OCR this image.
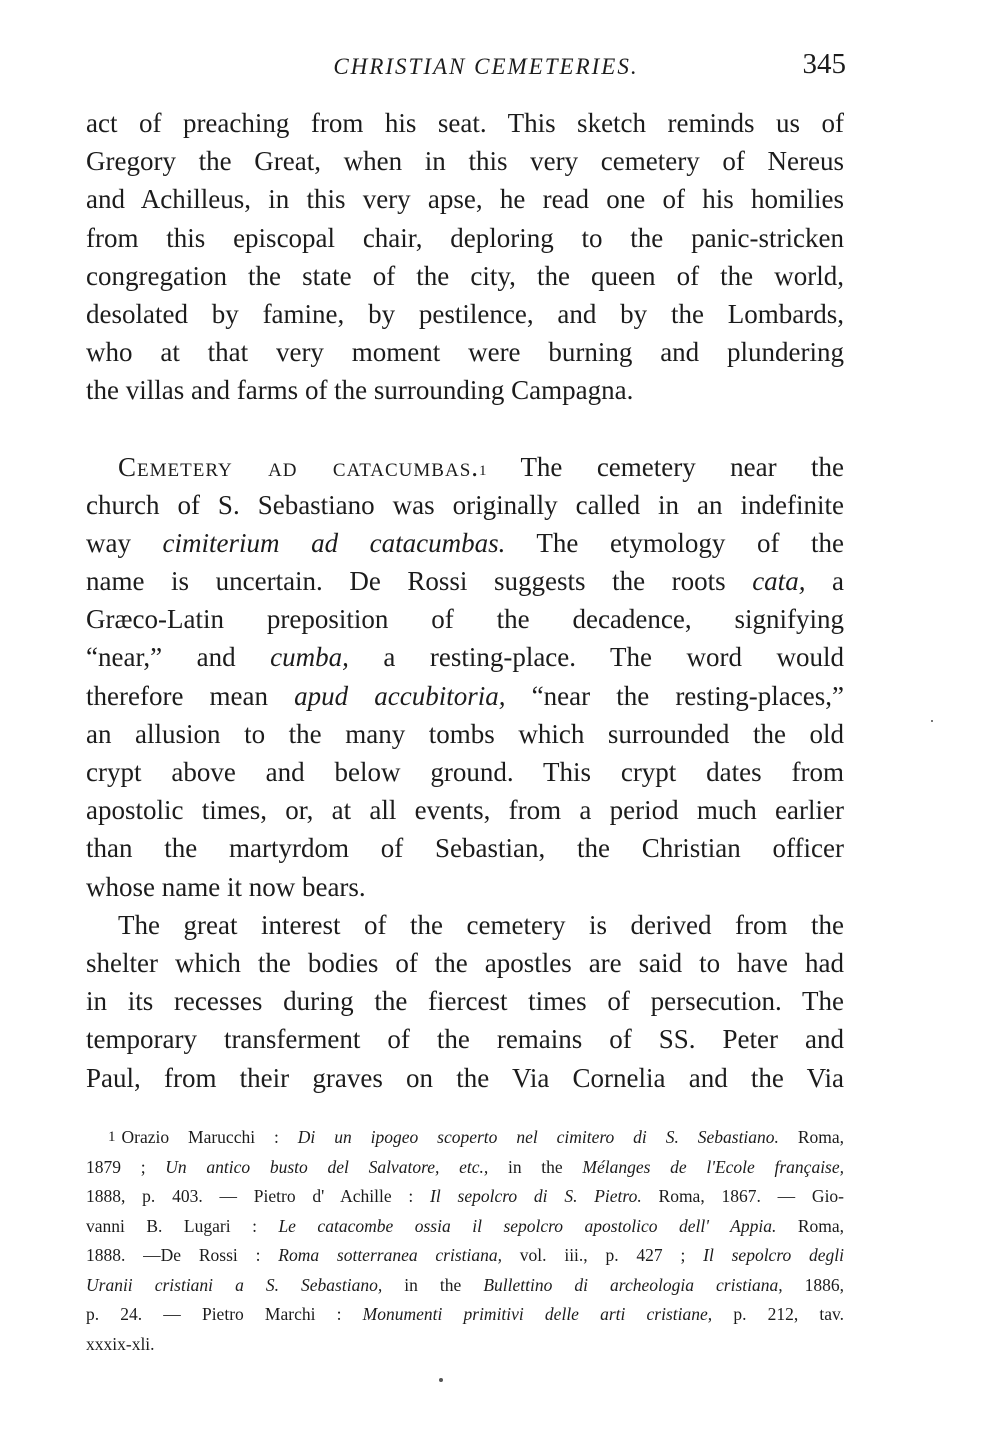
CHRISTIAN CEMETERIES.	345
act of preaching from his seat. This sketch reminds us of
Gregory the Great, when in this very cemetery of Nereus
and Achilleus, in this very apse, he read one of his homilies
from this episcopal chair, deploring to the panic-stricken
congregation the state of the city, the queen of the world,
desolated by famine, by pestilence, and by the Lombards,
who at that very moment were burning and plundering
the villas and farms of the surrounding Campagna.
Cemetery ad catacumbas.$^1$ The cemetery near the
church of S. Sebastiano was originally called in an indefinite
way cimiterium ad catacumbas. The etymology of the
name is uncertain. De Rossi suggests the roots cata, a
Græco-Latin preposition of the decadence, signifying
“near,” and cumba, a resting-place. The word would
therefore mean apud accubitoria, “near the resting-places,”
an allusion to the many tombs which surrounded the old
crypt above and below ground. This crypt dates from
apostolic times, or, at all events, from a period much earlier
than the martyrdom of Sebastian, the Christian officer
whose name it now bears.
The great interest of the cemetery is derived from the
shelter which the bodies of the apostles are said to have had
in its recesses during the fiercest times of persecution. The
temporary transferment of the remains of SS. Peter and
Paul, from their graves on the Via Cornelia and the Via
1 Orazio Marucchi : Di un ipogeo scoperto nel cimitero di S. Sebastiano. Roma,
1879 ; Un antico busto del Salvatore, etc., in the Mélanges de l'Ecole française,
1888, p. 403. — Pietro d' Achille : Il sepolcro di S. Pietro. Roma, 1867. — Gio-
vanni B. Lugari : Le catacombe ossia il sepolcro apostolico dell' Appia. Roma,
1888. —De Rossi : Roma sotterranea cristiana, vol. iii., p. 427 ; Il sepolcro degli
Uranii cristiani a S. Sebastiano, in the Bullettino di archeologia cristiana, 1886,
p. 24. — Pietro Marchi : Monumenti primitivi delle arti cristiane, p. 212, tav.
xxxix-xli.
